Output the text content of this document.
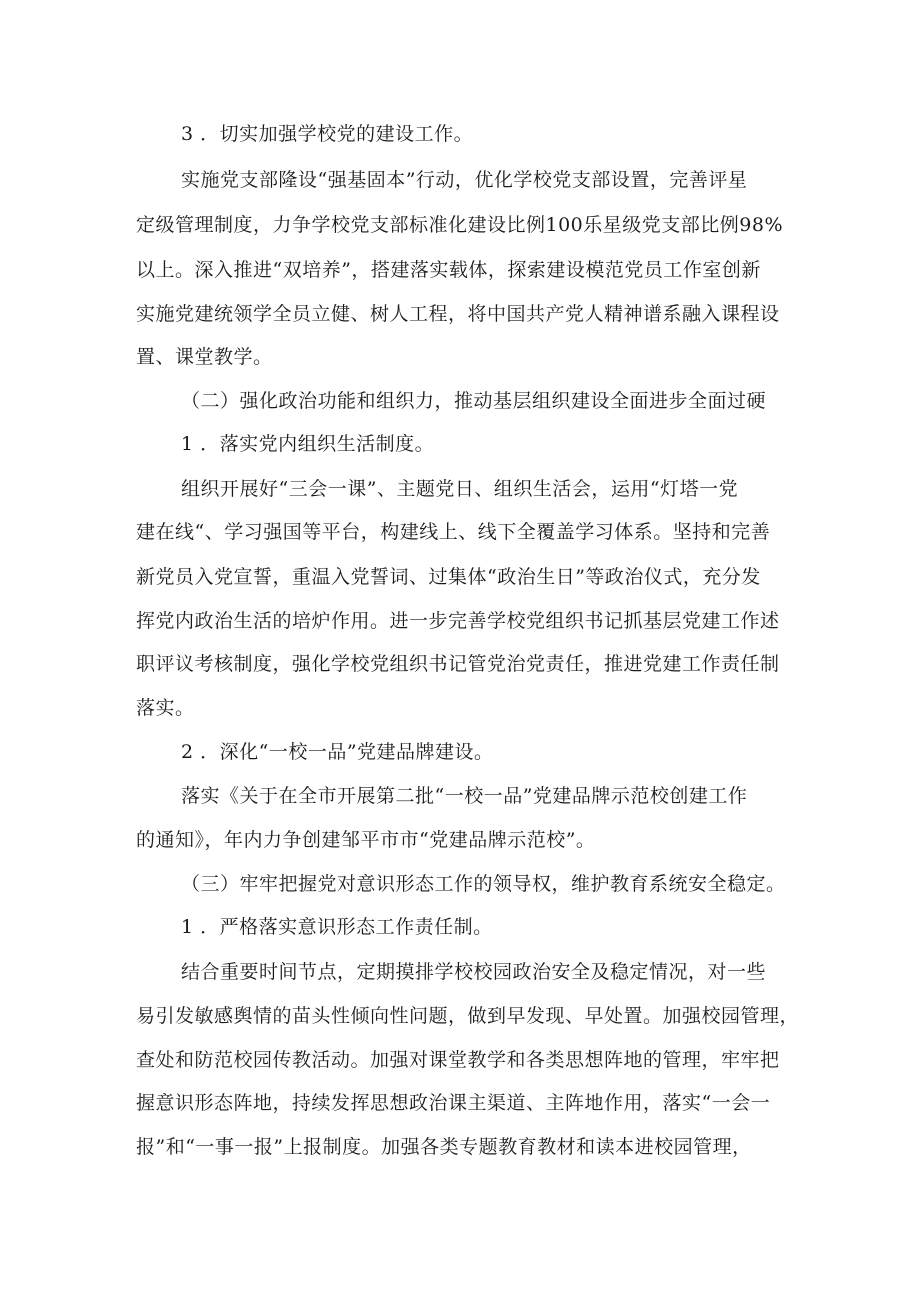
3 ．切实加强学校党的建设工作。
实施党支部隆设“强基固本”行动，优化学校党支部设置，完善评星
定级管理制度，力争学校党支部标准化建设比例100乐星级党支部比例98%
以上。深入推进“双培养”，搭建落实载体，探索建设模范党员工作室创新
实施党建统领学全员立健、树人工程，将中国共产党人精神谱系融入课程设
置、课堂教学。
（二）强化政治功能和组织力，推动基层组织建设全面进步全面过硬
1 ．落实党内组织生活制度。
组织开展好“三会一课”、主题党日、组织生活会，运用“灯塔一党
建在线“、学习强国等平台，构建线上、线下全覆盖学习体系。坚持和完善
新党员入党宣誓，重温入党誓词、过集体“政治生日”等政治仪式，充分发
挥党内政治生活的培炉作用。进一步完善学校党组织书记抓基层党建工作述
职评议考核制度，强化学校党组织书记管党治党责任，推进党建工作责任制
落实。
2 ．深化“一校一品”党建品牌建设。
落实《关于在全市开展第二批“一校一品”党建品牌示范校创建工作
的通知》，年内力争创建邹平市市“党建品牌示范校”。
（三）牢牢把握党对意识形态工作的领导权，维护教育系统安全稳定。
1 ．严格落实意识形态工作责任制。
结合重要时间节点，定期摸排学校校园政治安全及稳定情况，对一些
易引发敏感舆情的苗头性倾向性问题，做到早发现、早处置。加强校园管理，
查处和防范校园传教活动。加强对课堂教学和各类思想阵地的管理，牢牢把
握意识形态阵地，持续发挥思想政治课主渠道、主阵地作用，落实“一会一
报”和“一事一报”上报制度。加强各类专题教育教材和读本进校园管理，
